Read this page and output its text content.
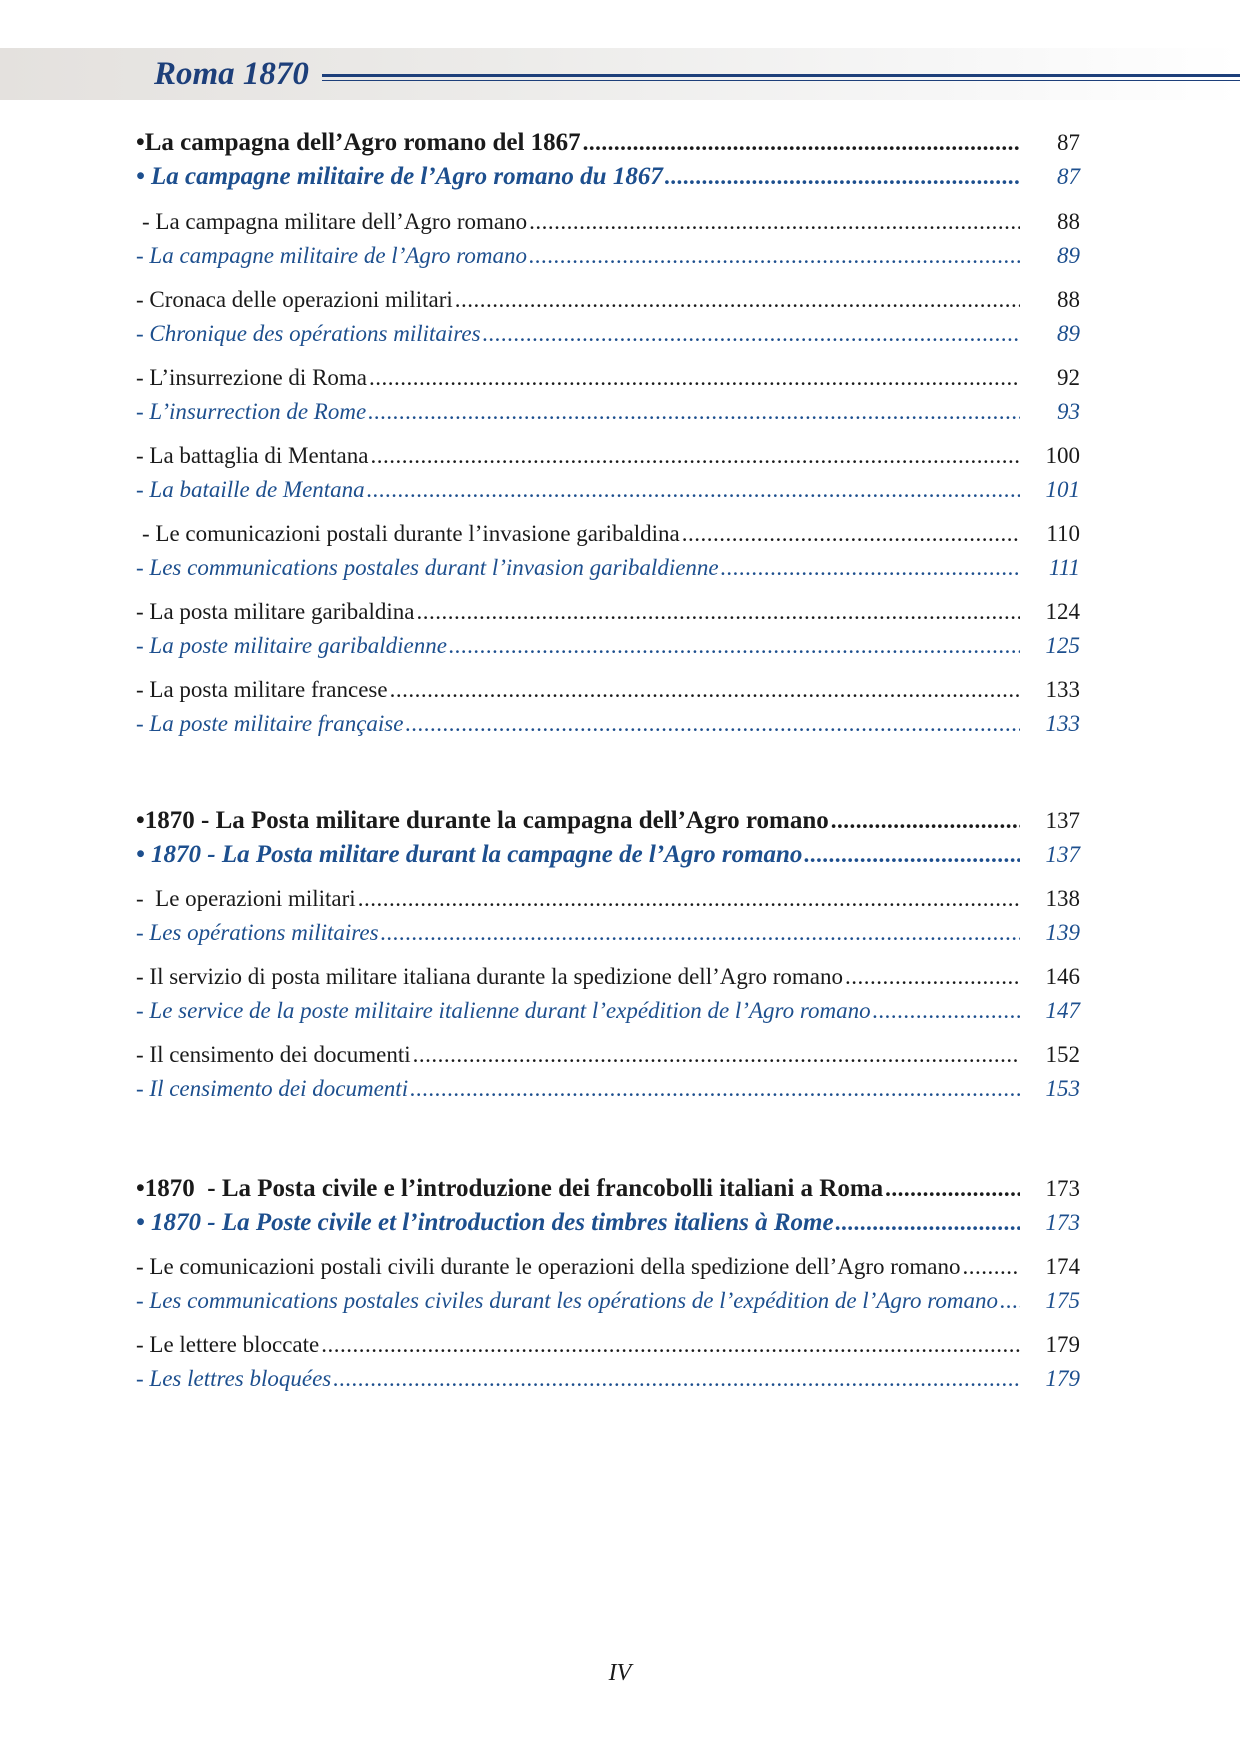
Roma 1870
•La campagna dell’Agro romano del 1867 .....	87
• La campagne militaire de l’Agro romano du 1867 .....	87
- La campagna militare dell’Agro romano .....	88
- La campagne militaire de l’Agro romano .....	89
- Cronaca delle operazioni militari .....	88
- Chronique des opérations militaires .....	89
- L’insurrezione di Roma .....	92
- L’insurrection de Rome .....	93
- La battaglia di Mentana .....	100
- La bataille de Mentana .....	101
- Le comunicazioni postali durante l’invasione garibaldina .....	110
- Les communications postales durant l’invasion garibaldienne .....	111
- La posta militare garibaldina .....	124
- La poste militaire garibaldienne .....	125
- La posta militare francese .....	133
- La poste militaire française .....	133
•1870 - La Posta militare durante la campagna dell’Agro romano .....	137
• 1870 - La Posta militare durant la campagne de l’Agro romano .....	137
-  Le operazioni militari .....	138
- Les opérations militaires .....	139
- Il servizio di posta militare italiana durante la spedizione dell’Agro romano .....	146
- Le service de la poste militaire italienne durant l’expédition de l’Agro romano .....	147
- Il censimento dei documenti .....	152
- Il censimento dei documenti .....	153
•1870  - La Posta civile e l’introduzione dei francobolli italiani a Roma .....	173
• 1870 - La Poste civile et l’introduction des timbres italiens à Rome .....	173
- Le comunicazioni postali civili durante le operazioni della spedizione dell’Agro romano .....	174
- Les communications postales civiles durant les opérations de l’expédition de l’Agro romano .....	175
- Le lettere bloccate .....	179
- Les lettres bloquées .....	179
IV
